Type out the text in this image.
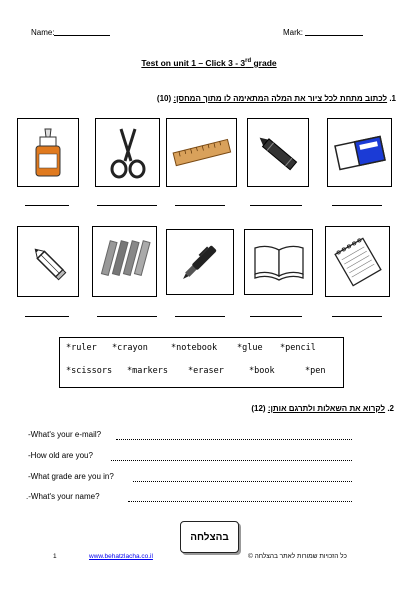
Name:	Mark:
Test on unit 1 – Click 3 - 3rd grade
1. לכתוב מתחת לכל ציור את המלה המתאימה לו מתוך המחסן: (10)
*ruler *crayon	*notebook *glue *pencil
*scissors *markers *eraser	*book	*pen
2. לקרוא את השאלות ולתרגם אותן: (12)
-What's your e-mail?
-How old are you?
-What grade are you in?
.-What's your name?
בהצלחה
1	www.behatzlacha.co.il	כל הזכויות שמורות לאתר בהצלחה ©
